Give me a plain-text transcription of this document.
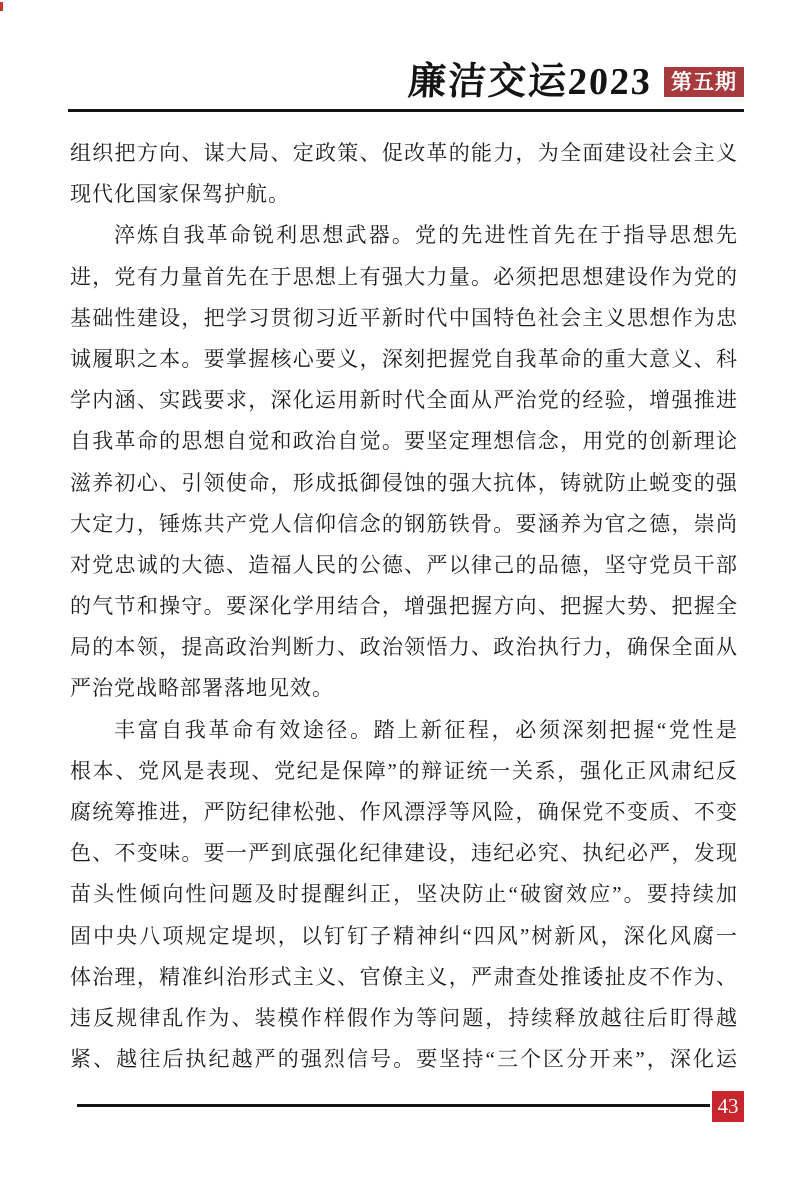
廉洁交运2023 第五期
组织把方向、谋大局、定政策、促改革的能力，为全面建设社会主义
现代化国家保驾护航。
淬炼自我革命锐利思想武器。党的先进性首先在于指导思想先
进，党有力量首先在于思想上有强大力量。必须把思想建设作为党的
基础性建设，把学习贯彻习近平新时代中国特色社会主义思想作为忠
诚履职之本。要掌握核心要义，深刻把握党自我革命的重大意义、科
学内涵、实践要求，深化运用新时代全面从严治党的经验，增强推进
自我革命的思想自觉和政治自觉。要坚定理想信念，用党的创新理论
滋养初心、引领使命，形成抵御侵蚀的强大抗体，铸就防止蜕变的强
大定力，锤炼共产党人信仰信念的钢筋铁骨。要涵养为官之德，崇尚
对党忠诚的大德、造福人民的公德、严以律己的品德，坚守党员干部
的气节和操守。要深化学用结合，增强把握方向、把握大势、把握全
局的本领，提高政治判断力、政治领悟力、政治执行力，确保全面从
严治党战略部署落地见效。
丰富自我革命有效途径。踏上新征程，必须深刻把握“党性是
根本、党风是表现、党纪是保障”的辩证统一关系，强化正风肃纪反
腐统筹推进，严防纪律松弛、作风漂浮等风险，确保党不变质、不变
色、不变味。要一严到底强化纪律建设，违纪必究、执纪必严，发现
苗头性倾向性问题及时提醒纠正，坚决防止“破窗效应”。要持续加
固中央八项规定堤坝，以钉钉子精神纠“四风”树新风，深化风腐一
体治理，精准纠治形式主义、官僚主义，严肃查处推诿扯皮不作为、
违反规律乱作为、装模作样假作为等问题，持续释放越往后盯得越
紧、越往后执纪越严的强烈信号。要坚持“三个区分开来”，深化运
43
